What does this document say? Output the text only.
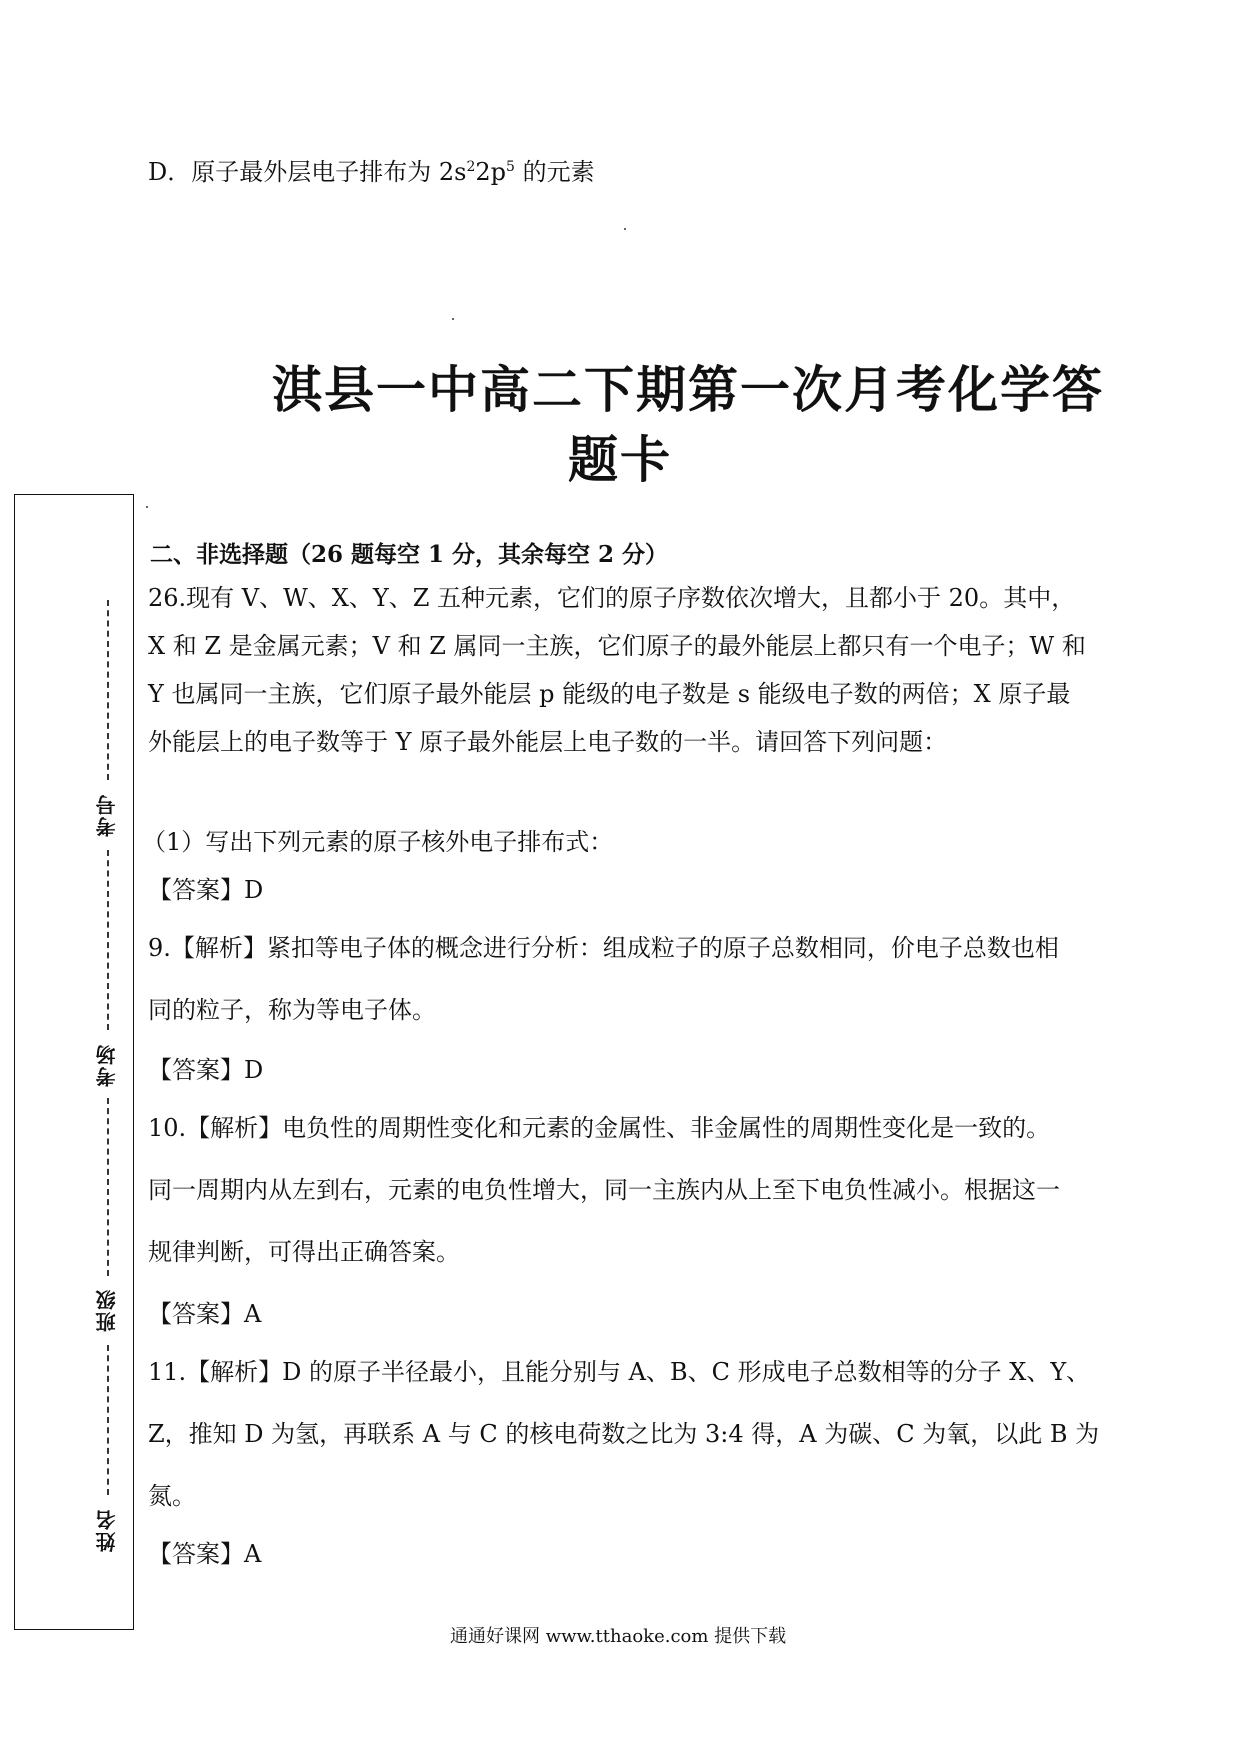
D．原子最外层电子排布为 $2s^22p^5$ 的元素
淇县一中高二下期第一次月考化学答
题卡
考号
考场
班级
姓名
二、非选择题（26 题每空 1 分，其余每空 2 分）
26.现有 V、W、X、Y、Z 五种元素，它们的原子序数依次增大，且都小于 20。其中，
X 和 Z 是金属元素；V 和 Z 属同一主族，它们原子的最外能层上都只有一个电子；W 和
Y 也属同一主族，它们原子最外能层 p 能级的电子数是 s 能级电子数的两倍；X 原子最
外能层上的电子数等于 Y 原子最外能层上电子数的一半。请回答下列问题：
（1）写出下列元素的原子核外电子排布式：
【答案】D
9.【解析】紧扣等电子体的概念进行分析：组成粒子的原子总数相同，价电子总数也相
同的粒子，称为等电子体。
【答案】D
10.【解析】电负性的周期性变化和元素的金属性、非金属性的周期性变化是一致的。
同一周期内从左到右，元素的电负性增大，同一主族内从上至下电负性减小。根据这一
规律判断，可得出正确答案。
【答案】A
11.【解析】D 的原子半径最小，且能分别与 A、B、C 形成电子总数相等的分子 X、Y、
Z，推知 D 为氢，再联系 A 与 C 的核电荷数之比为 3:4 得，A 为碳、C 为氧，以此 B 为
氮。
【答案】A
通通好课网 www.tthaoke.com 提供下载
